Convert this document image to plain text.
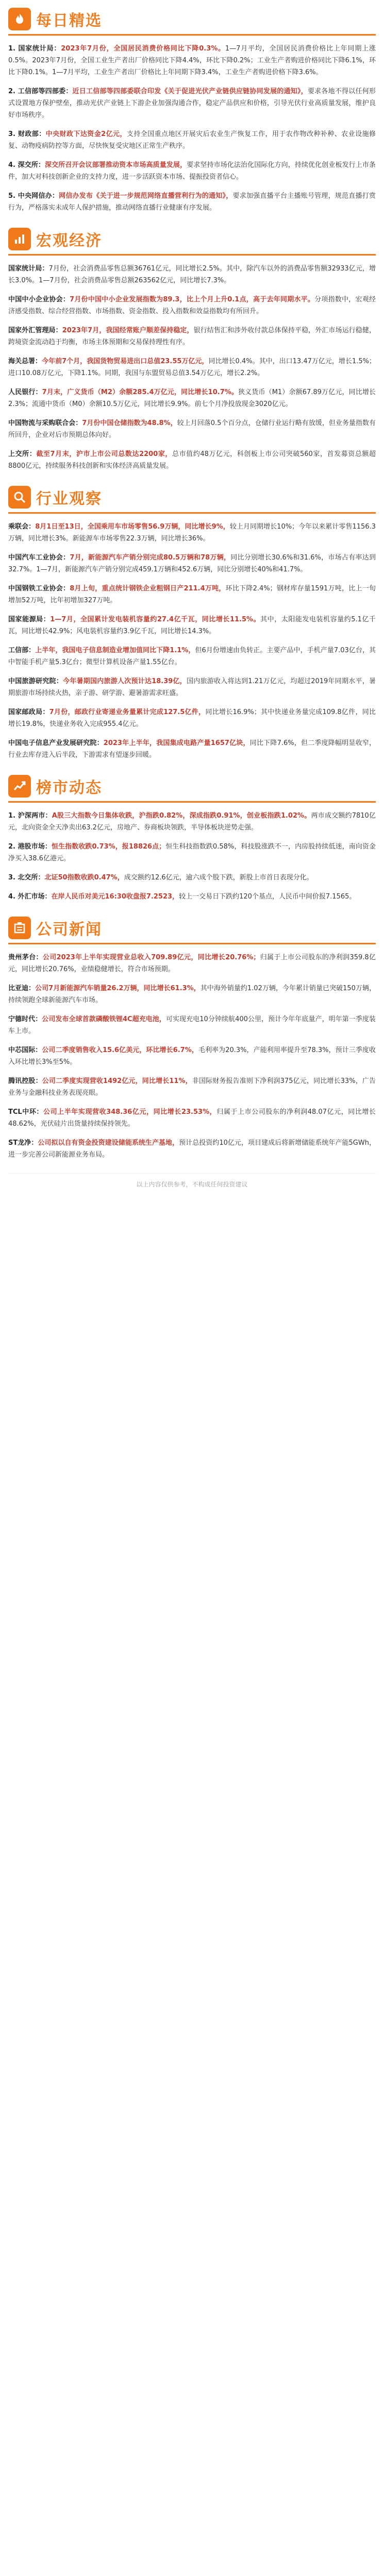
每日精选

1. 国家统计局：2023年7月份，全国居民消费价格同比下降0.3%。1—7月平均，全国居民消费价格比上年同期上涨0.5%。2023年7月份，全国工业生产者出厂价格同比下降4.4%，环比下降0.2%；工业生产者购进价格同比下降6.1%，环比下降0.1%。1—7月平均，工业生产者出厂价格比上年同期下降3.4%，工业生产者购进价格下降3.6%。

2. 工信部等四部委：近日工信部等四部委联合印发《关于促进光伏产业链供应链协同发展的通知》，要求各地不得以任何形式设置地方保护壁垒，推动光伏产业链上下游企业加强沟通合作，稳定产品供应和价格，引导光伏行业高质量发展，维护良好市场秩序。

3. 财政部：中央财政下达资金2亿元，支持全国重点地区开展灾后农业生产恢复工作，用于农作物改种补种、农业设施修复、动物疫病防控等方面，尽快恢复受灾地区正常生产秩序。

4. 深交所：深交所召开会议部署推动资本市场高质量发展，要求坚持市场化法治化国际化方向，持续优化创业板发行上市条件，加大对科技创新企业的支持力度，进一步活跃资本市场、提振投资者信心。

5. 中央网信办：网信办发布《关于进一步规范网络直播营利行为的通知》，要求加强直播平台主播账号管理，规范直播打赏行为，严格落实未成年人保护措施，推动网络直播行业健康有序发展。

宏观经济

国家统计局：7月份，社会消费品零售总额36761亿元，同比增长2.5%。其中，除汽车以外的消费品零售额32933亿元，增长3.0%。1—7月份，社会消费品零售总额263562亿元，同比增长7.3%。

中国中小企业协会：7月份中国中小企业发展指数为89.3，比上个月上升0.1点，高于去年同期水平。分项指数中，宏观经济感受指数、综合经营指数、市场指数、资金指数、投入指数和效益指数均有所回升。

国家外汇管理局：2023年7月，我国经常账户顺差保持稳定，银行结售汇和涉外收付款总体保持平稳，外汇市场运行稳健，跨境资金流动趋于均衡，市场主体预期和交易保持理性有序。

海关总署：今年前7个月，我国货物贸易进出口总值23.55万亿元，同比增长0.4%。其中，出口13.47万亿元，增长1.5%；进口10.08万亿元，下降1.1%。同期，我国与东盟贸易总值3.54万亿元，增长2.2%。

人民银行：7月末，广义货币（M2）余额285.4万亿元，同比增长10.7%。狭义货币（M1）余额67.89万亿元，同比增长2.3%；流通中货币（M0）余额10.5万亿元，同比增长9.9%。前七个月净投放现金3020亿元。

中国物流与采购联合会：7月份中国仓储指数为48.8%，较上月回落0.5个百分点，仓储行业运行略有放缓，但业务量指数有所回升，企业对后市预期总体向好。

上交所：截至7月末，沪市上市公司总数达2200家，总市值约48万亿元，科创板上市公司突破560家，首发募资总额超8800亿元，持续服务科技创新和实体经济高质量发展。

行业观察

乘联会：8月1日至13日，全国乘用车市场零售56.9万辆，同比增长9%，较上月同期增长10%；今年以来累计零售1156.3万辆，同比增长3%。新能源车市场零售22.3万辆，同比增长36%。

中国汽车工业协会：7月，新能源汽车产销分别完成80.5万辆和78万辆，同比分别增长30.6%和31.6%，市场占有率达到32.7%。1—7月，新能源汽车产销分别完成459.1万辆和452.6万辆，同比分别增长40%和41.7%。

中国钢铁工业协会：8月上旬，重点统计钢铁企业粗钢日产211.4万吨，环比下降2.4%；钢材库存量1591万吨，比上一旬增加52万吨，比年初增加327万吨。

国家能源局：1—7月，全国累计发电装机容量约27.4亿千瓦，同比增长11.5%。其中，太阳能发电装机容量约5.1亿千瓦，同比增长42.9%；风电装机容量约3.9亿千瓦，同比增长14.3%。

工信部：上半年，我国电子信息制造业增加值同比下降1.1%，但6月份增速由负转正。主要产品中，手机产量7.03亿台，其中智能手机产量5.3亿台；微型计算机设备产量1.55亿台。

中国旅游研究院：今年暑期国内旅游人次预计达18.39亿，国内旅游收入将达到1.21万亿元，均超过2019年同期水平，暑期旅游市场持续火热，亲子游、研学游、避暑游需求旺盛。

国家邮政局：7月份，邮政行业寄递业务量累计完成127.5亿件，同比增长16.9%；其中快递业务量完成109.8亿件，同比增长19.8%，快递业务收入完成955.4亿元。

中国电子信息产业发展研究院：2023年上半年，我国集成电路产量1657亿块，同比下降7.6%，但二季度降幅明显收窄，行业去库存进入后半段，下游需求有望逐步回暖。

榜市动态

1. 沪深两市：A股三大指数今日集体收跌，沪指跌0.82%，深成指跌0.91%，创业板指跌1.02%。两市成交额约7810亿元，北向资金全天净卖出63.2亿元，房地产、券商板块领跌，半导体板块逆势走强。

2. 港股市场：恒生指数收跌0.73%，报18826点；恒生科技指数跌0.58%，科技股涨跌不一，内房股持续低迷，南向资金净买入38.6亿港元。

3. 北交所：北证50指数收跌0.47%，成交额约12.6亿元，逾六成个股下跌，新股上市首日表现分化。

4. 外汇市场：在岸人民币对美元16:30收盘报7.2523，较上一交易日下跌约120个基点，人民币中间价报7.1565。

公司新闻

贵州茅台：公司2023年上半年实现营业总收入709.89亿元，同比增长20.76%；归属于上市公司股东的净利润359.8亿元，同比增长20.76%，业绩稳健增长，符合市场预期。

比亚迪：公司7月新能源汽车销量26.2万辆，同比增长61.3%，其中海外销量约1.02万辆，今年累计销量已突破150万辆，持续领跑全球新能源汽车市场。

宁德时代：公司发布全球首款磷酸铁锂4C超充电池，可实现充电10分钟续航400公里，预计今年年底量产，明年第一季度装车上市。

中芯国际：公司二季度销售收入15.6亿美元，环比增长6.7%，毛利率为20.3%，产能利用率提升至78.3%，预计三季度收入环比增长3%至5%。

腾讯控股：公司二季度实现营收1492亿元，同比增长11%，非国际财务报告准则下净利润375亿元，同比增长33%，广告业务与金融科技业务表现亮眼。

TCL中环：公司上半年实现营收348.36亿元，同比增长23.53%，归属于上市公司股东的净利润48.07亿元，同比增长48.62%，光伏硅片出货量持续保持领先。

ST龙净：公司拟以自有资金投资建设储能系统生产基地，预计总投资约10亿元，项目建成后将新增储能系统年产能5GWh，进一步完善公司新能源业务布局。

以上内容仅供参考，不构成任何投资建议
